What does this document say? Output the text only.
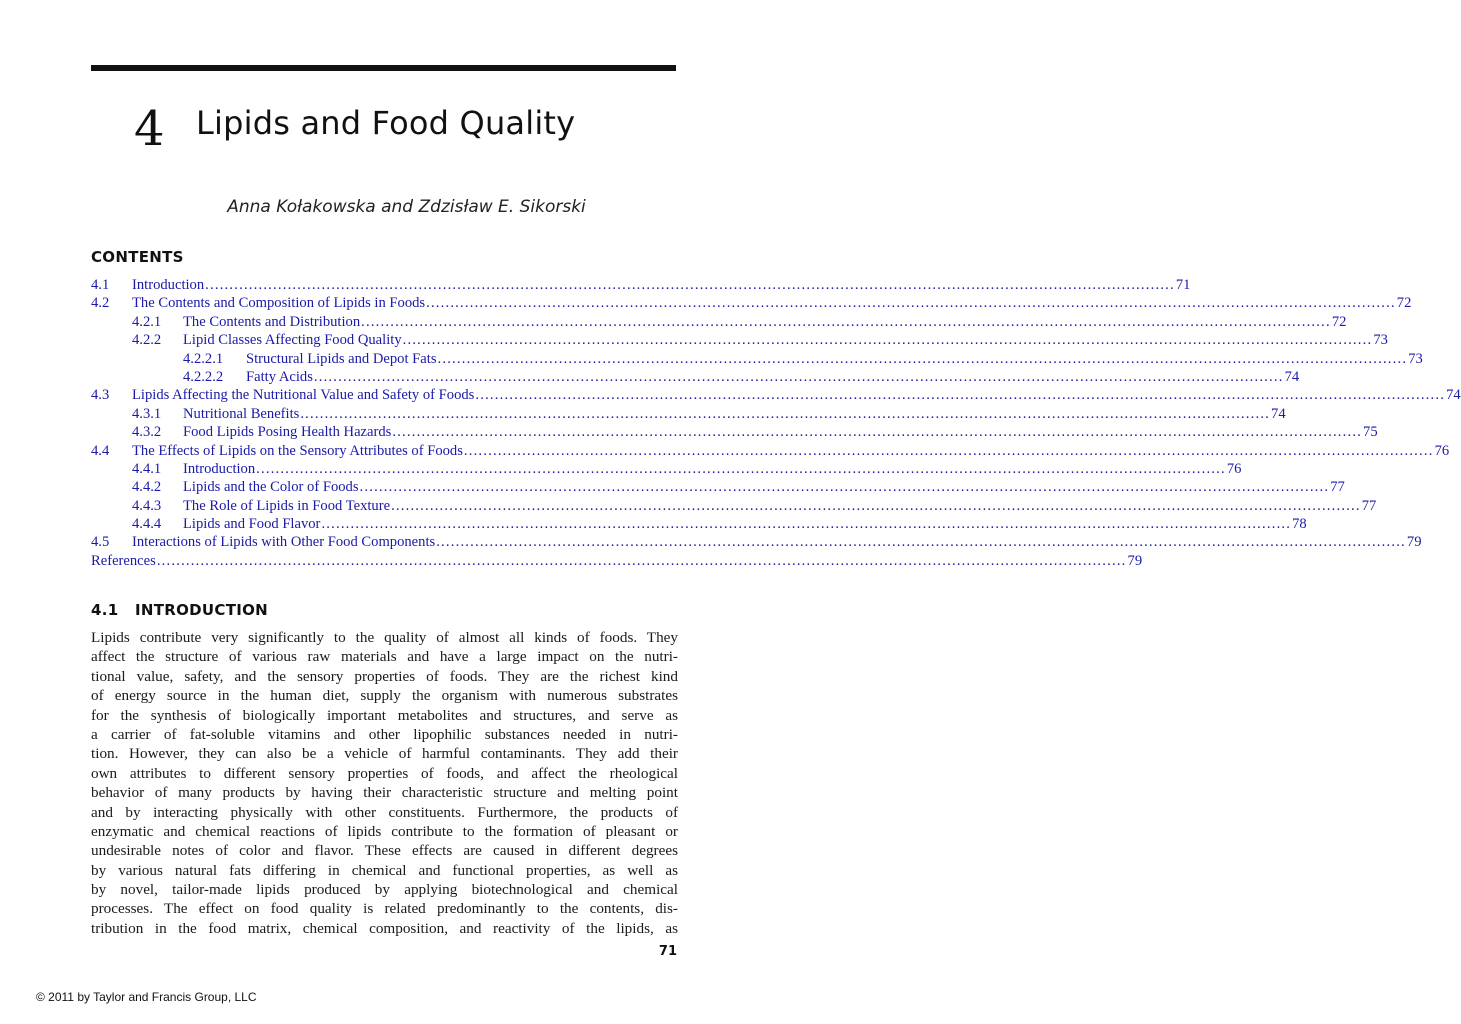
4 Lipids and Food Quality
Anna Kołakowska and Zdzisław E. Sikorski
CONTENTS
4.1	Introduction ........................................................................................................................................................................................................ 71
4.2	The Contents and Composition of Lipids in Foods ........................................................................................................................................................................................................ 72
4.2.1	The Contents and Distribution ........................................................................................................................................................................................................ 72
4.2.2	Lipid Classes Affecting Food Quality ........................................................................................................................................................................................................ 73
4.2.2.1	Structural Lipids and Depot Fats ........................................................................................................................................................................................................ 73
4.2.2.2	Fatty Acids ........................................................................................................................................................................................................ 74
4.3	Lipids Affecting the Nutritional Value and Safety of Foods ........................................................................................................................................................................................................ 74
4.3.1	Nutritional Benefits ........................................................................................................................................................................................................ 74
4.3.2	Food Lipids Posing Health Hazards ........................................................................................................................................................................................................ 75
4.4	The Effects of Lipids on the Sensory Attributes of Foods ........................................................................................................................................................................................................ 76
4.4.1	Introduction ........................................................................................................................................................................................................ 76
4.4.2	Lipids and the Color of Foods ........................................................................................................................................................................................................ 77
4.4.3	The Role of Lipids in Food Texture ........................................................................................................................................................................................................ 77
4.4.4	Lipids and Food Flavor ........................................................................................................................................................................................................ 78
4.5	Interactions of Lipids with Other Food Components ........................................................................................................................................................................................................ 79
References ........................................................................................................................................................................................................ 79
4.1 INTRODUCTION
Lipids contribute very significantly to the quality of almost all kinds of foods. They
affect the structure of various raw materials and have a large impact on the nutri-
tional value, safety, and the sensory properties of foods. They are the richest kind
of energy source in the human diet, supply the organism with numerous substrates
for the synthesis of biologically important metabolites and structures, and serve as
a carrier of fat-soluble vitamins and other lipophilic substances needed in nutri-
tion. However, they can also be a vehicle of harmful contaminants. They add their
own attributes to different sensory properties of foods, and affect the rheological
behavior of many products by having their characteristic structure and melting point
and by interacting physically with other constituents. Furthermore, the products of
enzymatic and chemical reactions of lipids contribute to the formation of pleasant or
undesirable notes of color and flavor. These effects are caused in different degrees
by various natural fats differing in chemical and functional properties, as well as
by novel, tailor-made lipids produced by applying biotechnological and chemical
processes. The effect on food quality is related predominantly to the contents, dis-
tribution in the food matrix, chemical composition, and reactivity of the lipids, as
71
© 2011 by Taylor and Francis Group, LLC
